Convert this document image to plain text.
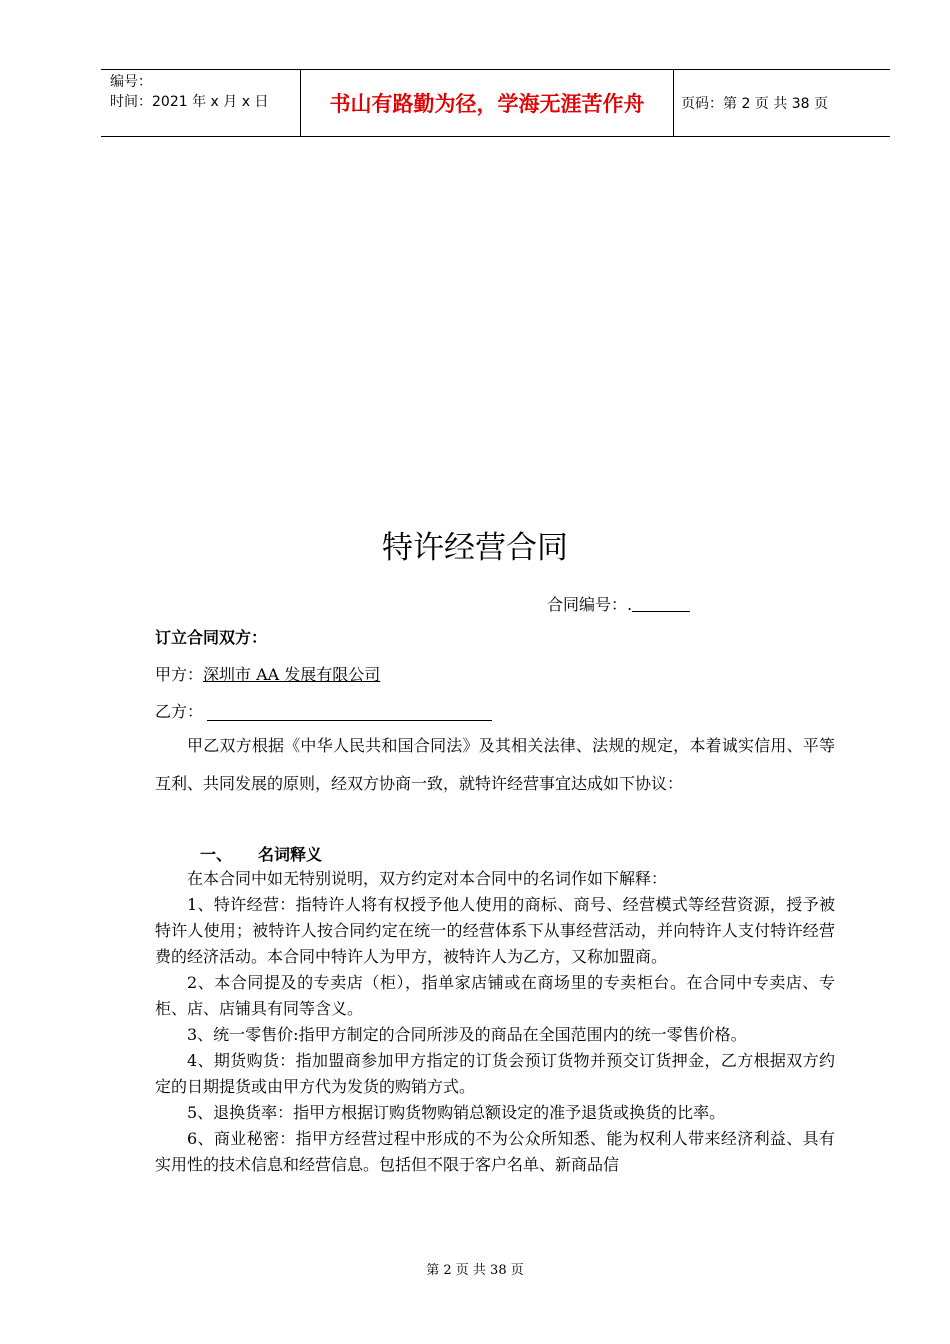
编号：
时间：2021 年 x 月 x 日	书山有路勤为径，学海无涯苦作舟	页码：第 2 页 共 38 页
特许经营合同
合同编号：.
订立合同双方：
甲方：深圳市 AA 发展有限公司
乙方：
甲乙双方根据《中华人民共和国合同法》及其相关法律、法规的规定，本着诚实信用、平等互利、共同发展的原则，经双方协商一致，就特许经营事宜达成如下协议：
一、 名词释义
在本合同中如无特别说明，双方约定对本合同中的名词作如下解释：
1、特许经营：指特许人将有权授予他人使用的商标、商号、经营模式等经营资源，授予被特许人使用；被特许人按合同约定在统一的经营体系下从事经营活动，并向特许人支付特许经营费的经济活动。本合同中特许人为甲方，被特许人为乙方，又称加盟商。
2、本合同提及的专卖店（柜），指单家店铺或在商场里的专卖柜台。在合同中专卖店、专柜、店、店铺具有同等含义。
3、统一零售价:指甲方制定的合同所涉及的商品在全国范围内的统一零售价格。
4、期货购货：指加盟商参加甲方指定的订货会预订货物并预交订货押金，乙方根据双方约定的日期提货或由甲方代为发货的购销方式。
5、退换货率：指甲方根据订购货物购销总额设定的准予退货或换货的比率。
6、商业秘密：指甲方经营过程中形成的不为公众所知悉、能为权利人带来经济利益、具有实用性的技术信息和经营信息。包括但不限于客户名单、新商品信
第 2 页 共 38 页
